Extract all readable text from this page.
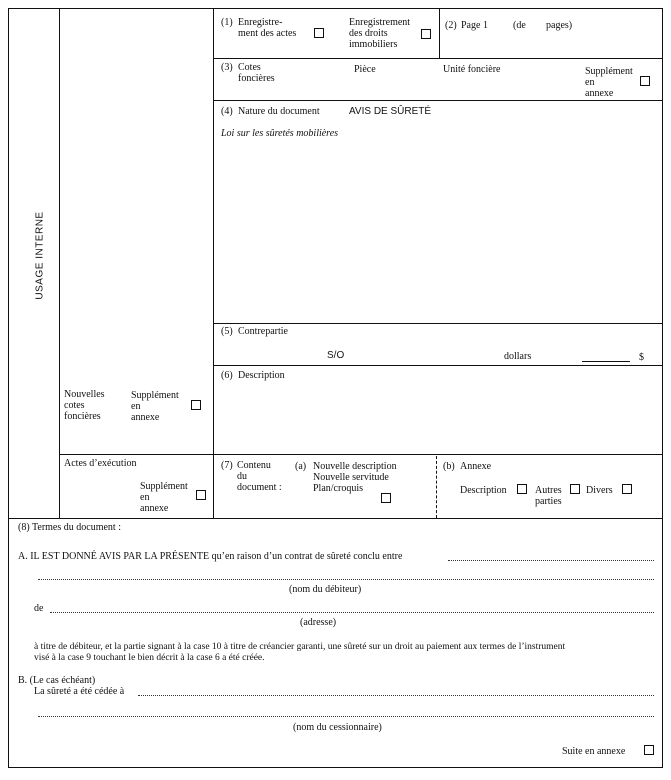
USAGE INTERNE
(1) Enregistre-
ment des actes
Enregistrement des droits immobiliers
(2) Page 1	(de pages)
(3) Cotes
foncières
Pièce	Unité foncière	Supplément
en
annexe
(4) Nature du document	AVIS DE SÛRETÉ
Loi sur les sûretés mobilières
(5) Contrepartie
S/O	dollars	$
(6) Description
Nouvelles
cotes
foncières
Supplément
en
annexe
Actes d’exécution
Supplément
en
annexe
(7) Contenu
du
document :
(a) Nouvelle description
Nouvelle servitude
Plan/croquis
(b) Annexe
Description	Autres
parties
Divers
(8) Termes du document :
A. IL EST DONNÉ AVIS PAR LA PRÉSENTE qu’en raison d’un contrat de sûreté conclu entre
(nom du débiteur)
de
(adresse)
à titre de débiteur, et la partie signant à la case 10 à titre de créancier garanti, une sûreté sur un droit au paiement aux termes de l’instrument
visé à la case 9 touchant le bien décrit à la case 6 a été créée.
B. (Le cas échéant)
La sûreté a été cédée à
(nom du cessionnaire)
Suite en annexe
